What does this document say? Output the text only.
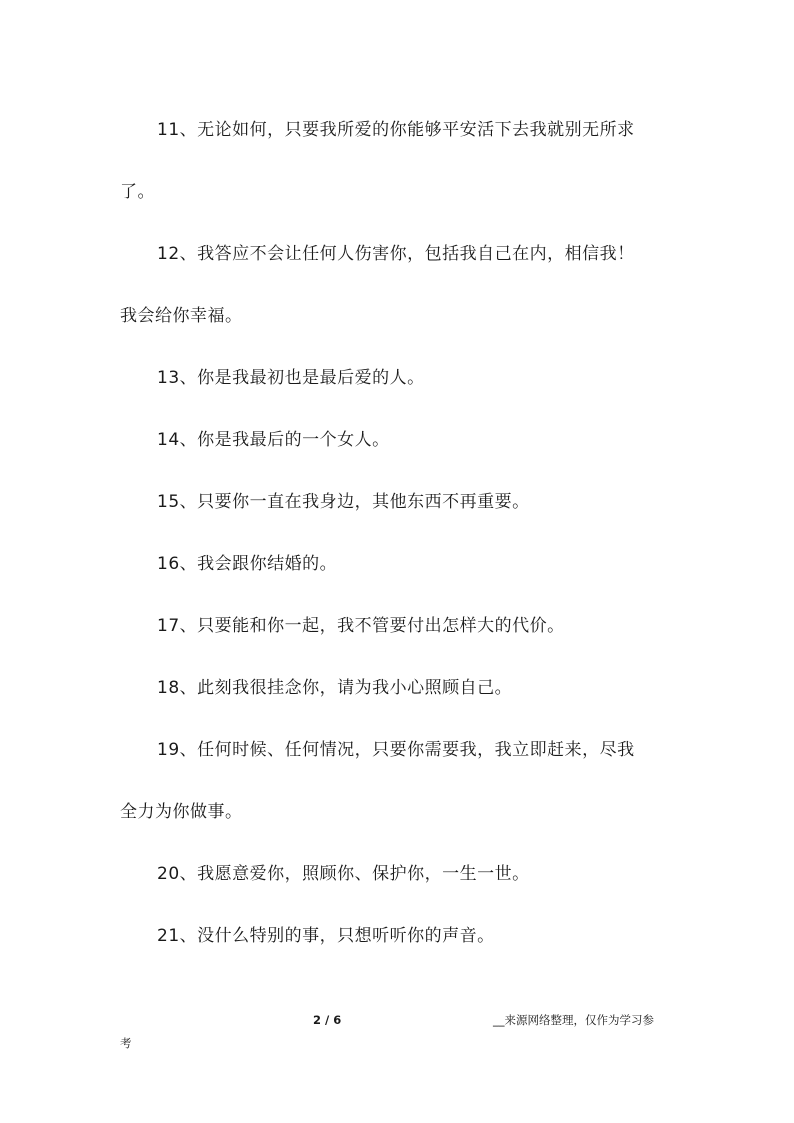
11、无论如何，只要我所爱的你能够平安活下去我就别无所求
了。
12、我答应不会让任何人伤害你，包括我自己在内，相信我！
我会给你幸福。
13、你是我最初也是最后爱的人。
14、你是我最后的一个女人。
15、只要你一直在我身边，其他东西不再重要。
16、我会跟你结婚的。
17、只要能和你一起，我不管要付出怎样大的代价。
18、此刻我很挂念你，请为我小心照顾自己。
19、任何时候、任何情况，只要你需要我，我立即赶来，尽我
全力为你做事。
20、我愿意爱你，照顾你、保护你，一生一世。
21、没什么特别的事，只想听听你的声音。
2 / 6	__来源网络整理，仅作为学习参
考
